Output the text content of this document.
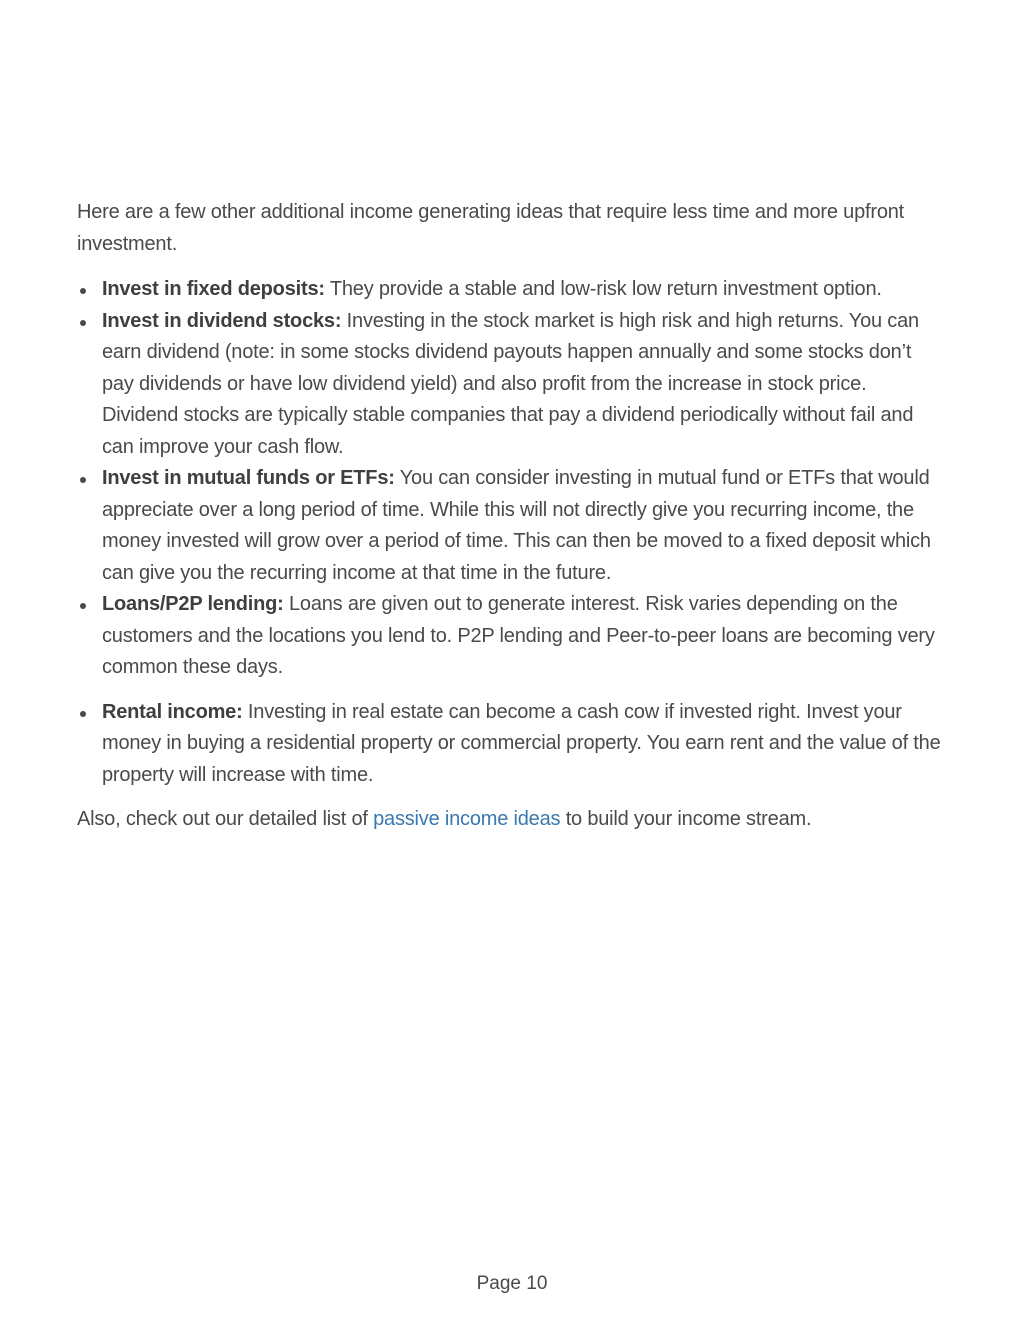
Here are a few other additional income generating ideas that require less time and more upfront investment.

Invest in fixed deposits: They provide a stable and low-risk low return investment option.
Invest in dividend stocks: Investing in the stock market is high risk and high returns. You can earn dividend (note: in some stocks dividend payouts happen annually and some stocks don’t pay dividends or have low dividend yield) and also profit from the increase in stock price. Dividend stocks are typically stable companies that pay a dividend periodically without fail and can improve your cash flow.
Invest in mutual funds or ETFs: You can consider investing in mutual fund or ETFs that would appreciate over a long period of time. While this will not directly give you recurring income, the money invested will grow over a period of time. This can then be moved to a fixed deposit which can give you the recurring income at that time in the future.
Loans/P2P lending: Loans are given out to generate interest. Risk varies depending on the customers and the locations you lend to. P2P lending and Peer-to-peer loans are becoming very common these days.
Rental income: Investing in real estate can become a cash cow if invested right. Invest your money in buying a residential property or commercial property. You earn rent and the value of the property will increase with time.

Also, check out our detailed list of passive income ideas to build your income stream.

Page 10
